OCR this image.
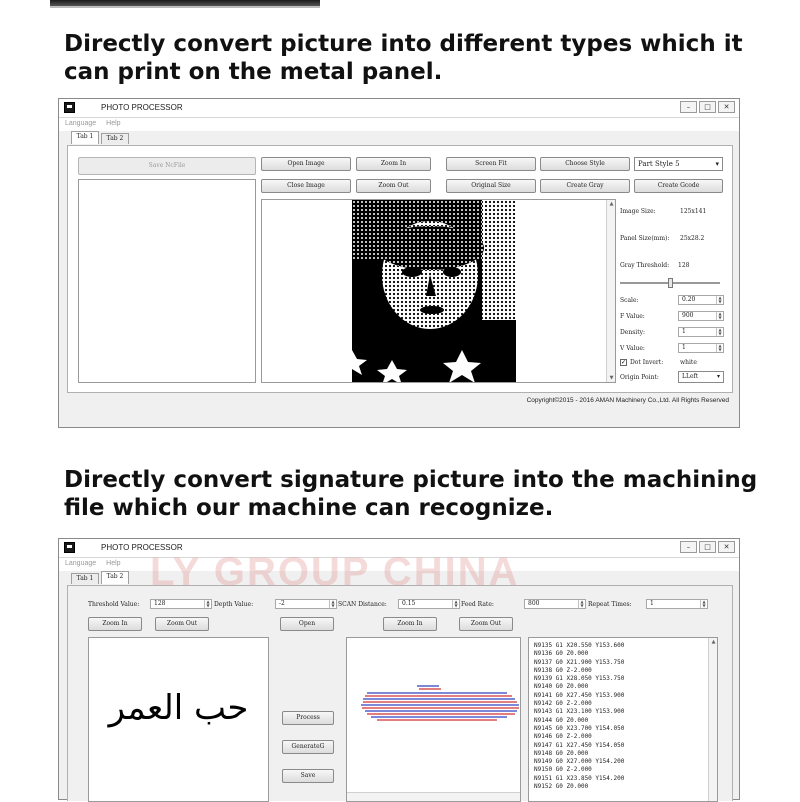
Directly convert picture into different types which it
can print on the metal panel.
PHOTO PROCESSOR	–	□	✕
Language Help
Tab 1	Tab 2
Save NcFile	Open Image	Zoom In	Screen Fit	Choose Style	Part Style 5	▾
Close Image	Zoom Out	Original Size	Create Gray	Create Gcode
▲
▼
Image Size:	125x141
Panel Size(mm): 25x28.2
Gray Threshold: 128
Scale:	0.20	▲
▼
F Value:	900	▲
▼
Density:	1	▲
▼
V Value:	1	▲
▼
✓ Dot Invert:	white
Origin Point:	LLeft	▾
Copyright©2015 - 2016 AMAN Machinery Co.,Ltd. All Rights Reserved
Directly convert signature picture into the machining
file which our machine can recognize.
PHOTO PROCESSOR	–	□	✕
Language Help
Tab 1	Tab 2
Threshold Value:	128	▲
▼ Depth Value:	-2	▲
▼ SCAN Distance:	0.15	▲
▼ Feed Rate:	800	▲
▼ Repeat Times:	1	▲
▼
Zoom In	Zoom Out	Open	Zoom In	Zoom Out
حب العمر	Process
GenerateG
Save
N9135 G1 X20.550 Y153.600
N9136 G0 Z0.000
N9137 G0 X21.900 Y153.750
N9138 G0 Z-2.000
N9139 G1 X28.050 Y153.750
N9140 G0 Z0.000
N9141 G0 X27.450 Y153.900
N9142 G0 Z-2.000
N9143 G1 X23.100 Y153.900
N9144 G0 Z0.000
N9145 G0 X23.700 Y154.050
N9146 G0 Z-2.000
N9147 G1 X27.450 Y154.050
N9148 G0 Z0.000
N9149 G0 X27.000 Y154.200
N9150 G0 Z-2.000
N9151 G1 X23.850 Y154.200
N9152 G0 Z0.000
▲
LY GROUP CHINA
